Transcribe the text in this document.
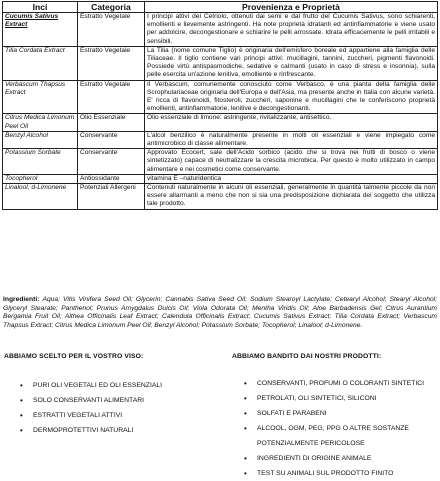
Inci	Categoria	Provenienza e Proprietà
Cucumis Sativus Extract	Estratto Vegetale	I principi attivi del Cetriolo, ottenuti dai semi e dal frutto del Cucumis Sativus, sono schiarenti, emollienti e lievemente astringenti. Ha note proprietà idratanti ed antinfiammatorie e viene usato per addolcire, decongestionare e schiarire le pelli arrossate. Idrata efficacemente le pelli irritabili e sensibili.
Tilia Cordata Extract	Estratto Vegetale	La Tilia (nome comune Tiglio) è originaria dell'emisfero boreale ed appartiene alla famiglia delle Tiliaceae. Il tiglio contiene vari principi attivi: mucillagini, tannini, zuccheri, pigmenti flavonoidi. Possiede virtù antispasmodiche, sedative e calmanti (usato in caso di stress e insonnia), sulla pelle esercita un'azione lenitiva, emolliente e rinfrescante.
Verbascum Thapsus Extract	Estratto Vegetale	Il Verbascum, comunemente conosciuto come Verbasco, è una pianta della famiglia delle Scrophulariaceae originaria dell'Europa e dell'Asia, ma presente anche in Italia con alcune varietà. E' ricca di flavonoidi, fitosteroli, zuccheri, saponine e mucillagini che le conferiscono proprietà emollienti, antinfiammatorie, lenitive e decongestionanti.
Citrus Medica Limonum Peel Oil	Olio Essenziale	Olio essenziale di limone: astringente, rivitalizzante, antisettico.
Benzyl Alcohol	Conservante	L'alcol benzilico è naturalmente presente in molti oli essenziali e viene impiegato come antimicrobico di classe alimentare.
Potassium Sorbate	Conservante	Approvato Ecocert, sale dell'Acido sorbico (acido che si trova nei frutti di bosco o viene sintetizzato) capace di neutralizzare la crescita microbica. Per questo è molto utilizzato in campo alimentare e nei cosmetici come conservante.
Tocopherol	Antiossidante	vitamina E –naturidentica
Linalool, d-Limonene	Potenziali Allergeni	Contenuti naturalmente in alcuni oli essenziali, generalmente in quantità talmente piccole da non essere allarmanti a meno che non si sia una predisposizione dichiarata del soggetto che utilizza tale prodotto.
Ingredienti: Aqua; Vitis Vinifera Seed Oil; Glycerin; Cannabis Sativa Seed Oil; Sodium Stearoyl Lactylate; Cetearyl Alcohol; Stearyl Alcohol; Glyceryl Stearate; Panthenol; Prunus Amygdalus Dulcis Oil; Viola Odorata Oil; Mentha Viridis Oil; Aloe Barbadensis Gel; Citrus Aurantium Bergamia Fruit Oil; Althea Officinalis Leaf Extract; Calendula Officinalis Extract; Cucumis Sativus Extract; Tilia Cordata Extract; Verbascum Thapsus Extract; Citrus Medica Limonum Peel Oil; Benzyl Alcohol; Potassium Sorbate; Tocopherol; Linalool; d-Limonene.
ABBIAMO SCELTO PER IL VOSTRO VISO:	ABBIAMO BANDITO DAI NOSTRI PRODOTTI:
• PURI OLI VEGETALI ED OLI ESSENZIALI
• SOLO CONSERVANTI ALIMENTARI
• ESTRATTI VEGETALI ATTIVI
• DERMOPROTETTIVI NATURALI
• CONSERVANTI, PROFUMI O COLORANTI SINTETICI
• PETROLATI, OLI SINTETICI, SILICONI
• SOLFATI E PARABENI
• ALCOOL, OGM, PEG, PPG O ALTRE SOSTANZE POTENZIALMENTE PERICOLOSE
• INGREDIENTI DI ORIGINE ANIMALE
• TEST SU ANIMALI SUL PRODOTTO FINITO
